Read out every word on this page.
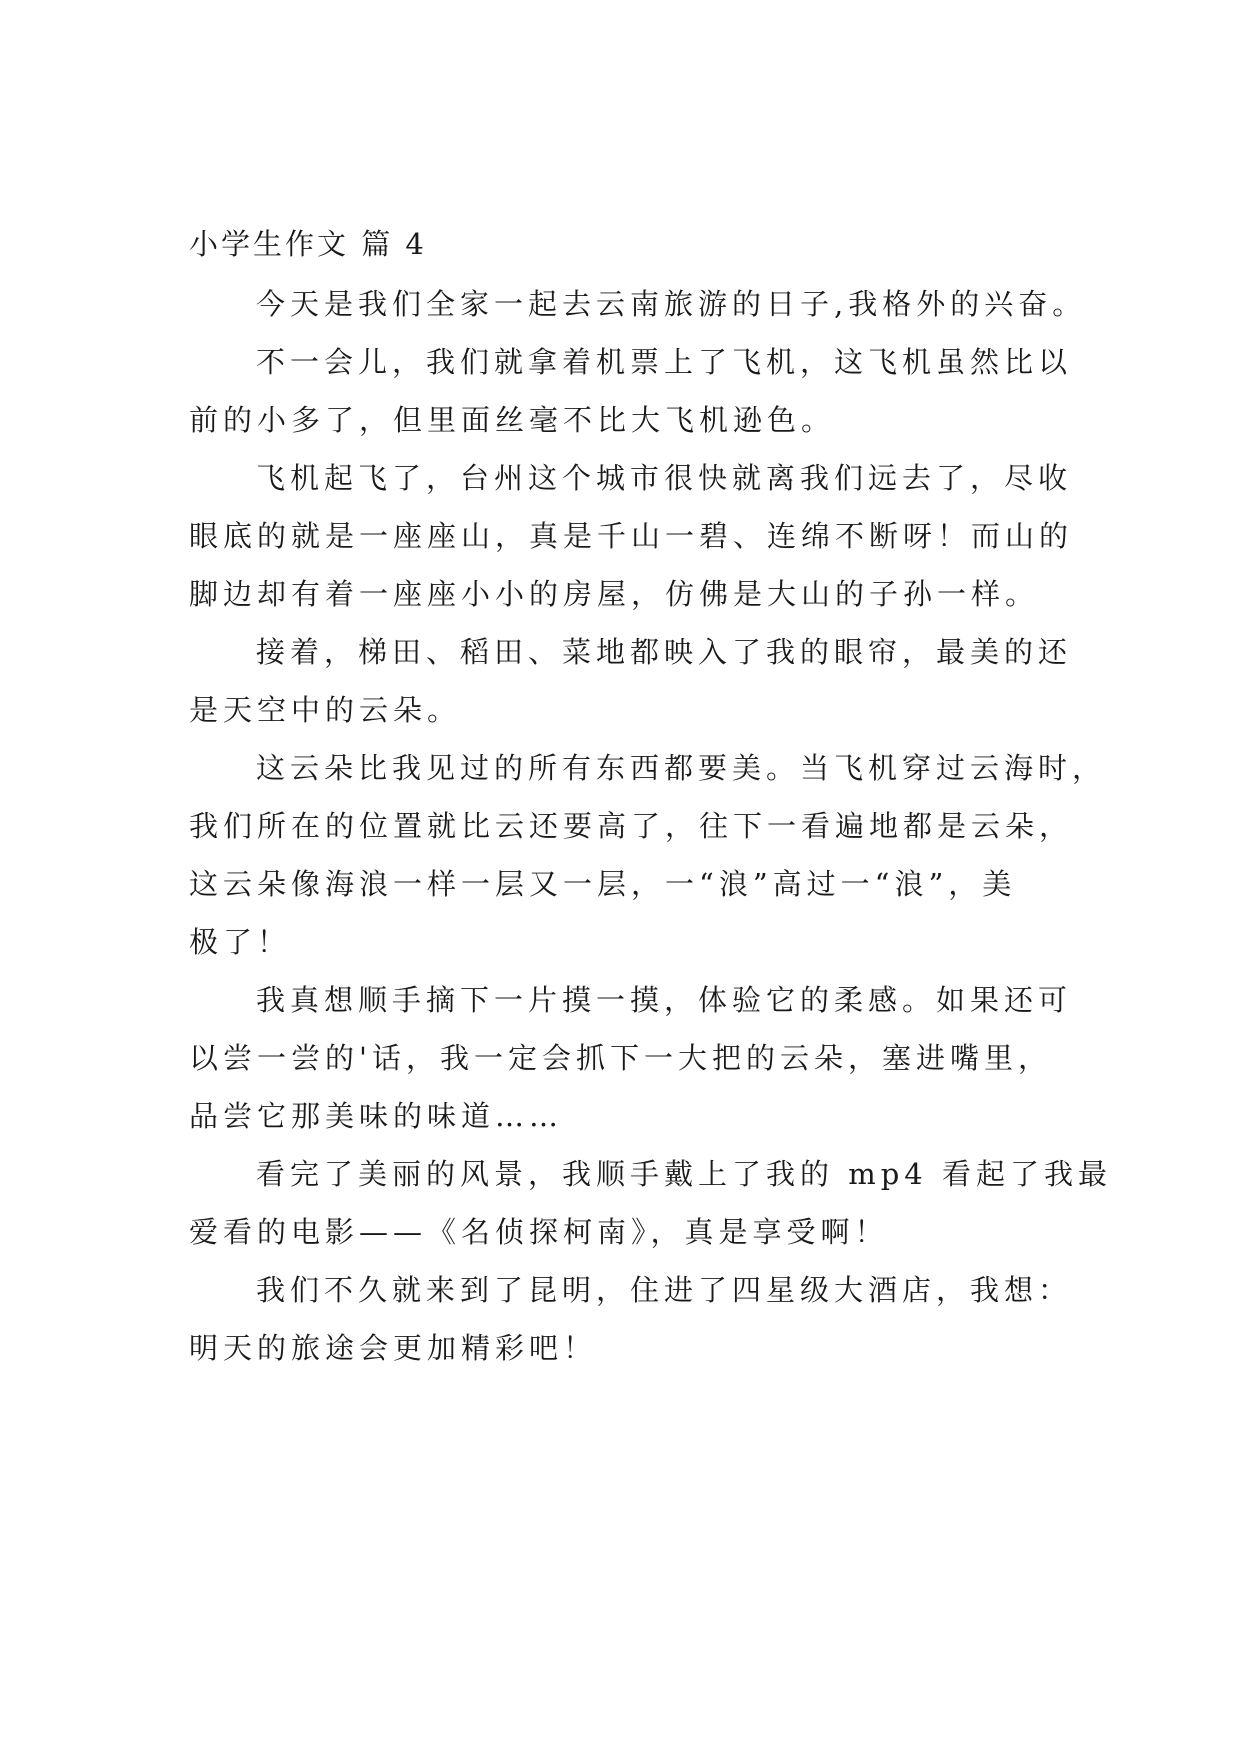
小学生作文 篇 4
今天是我们全家一起去云南旅游的日子,我格外的兴奋。
不一会儿，我们就拿着机票上了飞机，这飞机虽然比以
前的小多了，但里面丝毫不比大飞机逊色。
飞机起飞了，台州这个城市很快就离我们远去了，尽收
眼底的就是一座座山，真是千山一碧、连绵不断呀！而山的
脚边却有着一座座小小的房屋，仿佛是大山的子孙一样。
接着，梯田、稻田、菜地都映入了我的眼帘，最美的还
是天空中的云朵。
这云朵比我见过的所有东西都要美。当飞机穿过云海时，
我们所在的位置就比云还要高了，往下一看遍地都是云朵，
这云朵像海浪一样一层又一层，一“浪”高过一“浪”，美
极了！
我真想顺手摘下一片摸一摸，体验它的柔感。如果还可
以尝一尝的'话，我一定会抓下一大把的云朵，塞进嘴里，
品尝它那美味的味道……
看完了美丽的风景，我顺手戴上了我的 mp4 看起了我最
爱看的电影——《名侦探柯南》，真是享受啊！
我们不久就来到了昆明，住进了四星级大酒店，我想：
明天的旅途会更加精彩吧！
